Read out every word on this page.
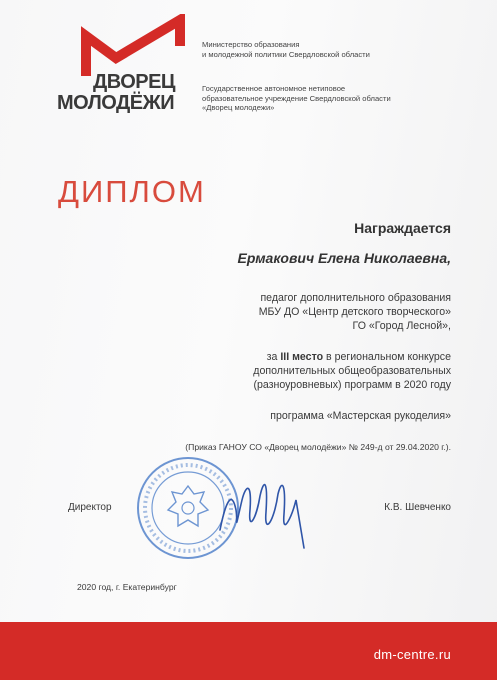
ДВОРЕЦ
МОЛОДЁЖИ
Министерство образования
и молодежной политики Свердловской области
Государственное автономное нетиповое
образовательное учреждение Свердловской области
«Дворец молодежи»
ДИПЛОМ
Награждается
Ермакович Елена Николаевна,
педагог дополнительного образования
МБУ ДО «Центр детского творческого»
ГО «Город Лесной»,
за III место в региональном конкурсе
дополнительных общеобразовательных
(разноуровневых) программ в 2020 году
программа «Мастерская рукоделия»
(Приказ ГАНОУ СО «Дворец молодёжи» № 249-д от 29.04.2020 г.).
Директор	К.В. Шевченко
2020 год, г. Екатеринбург
dm-centre.ru
